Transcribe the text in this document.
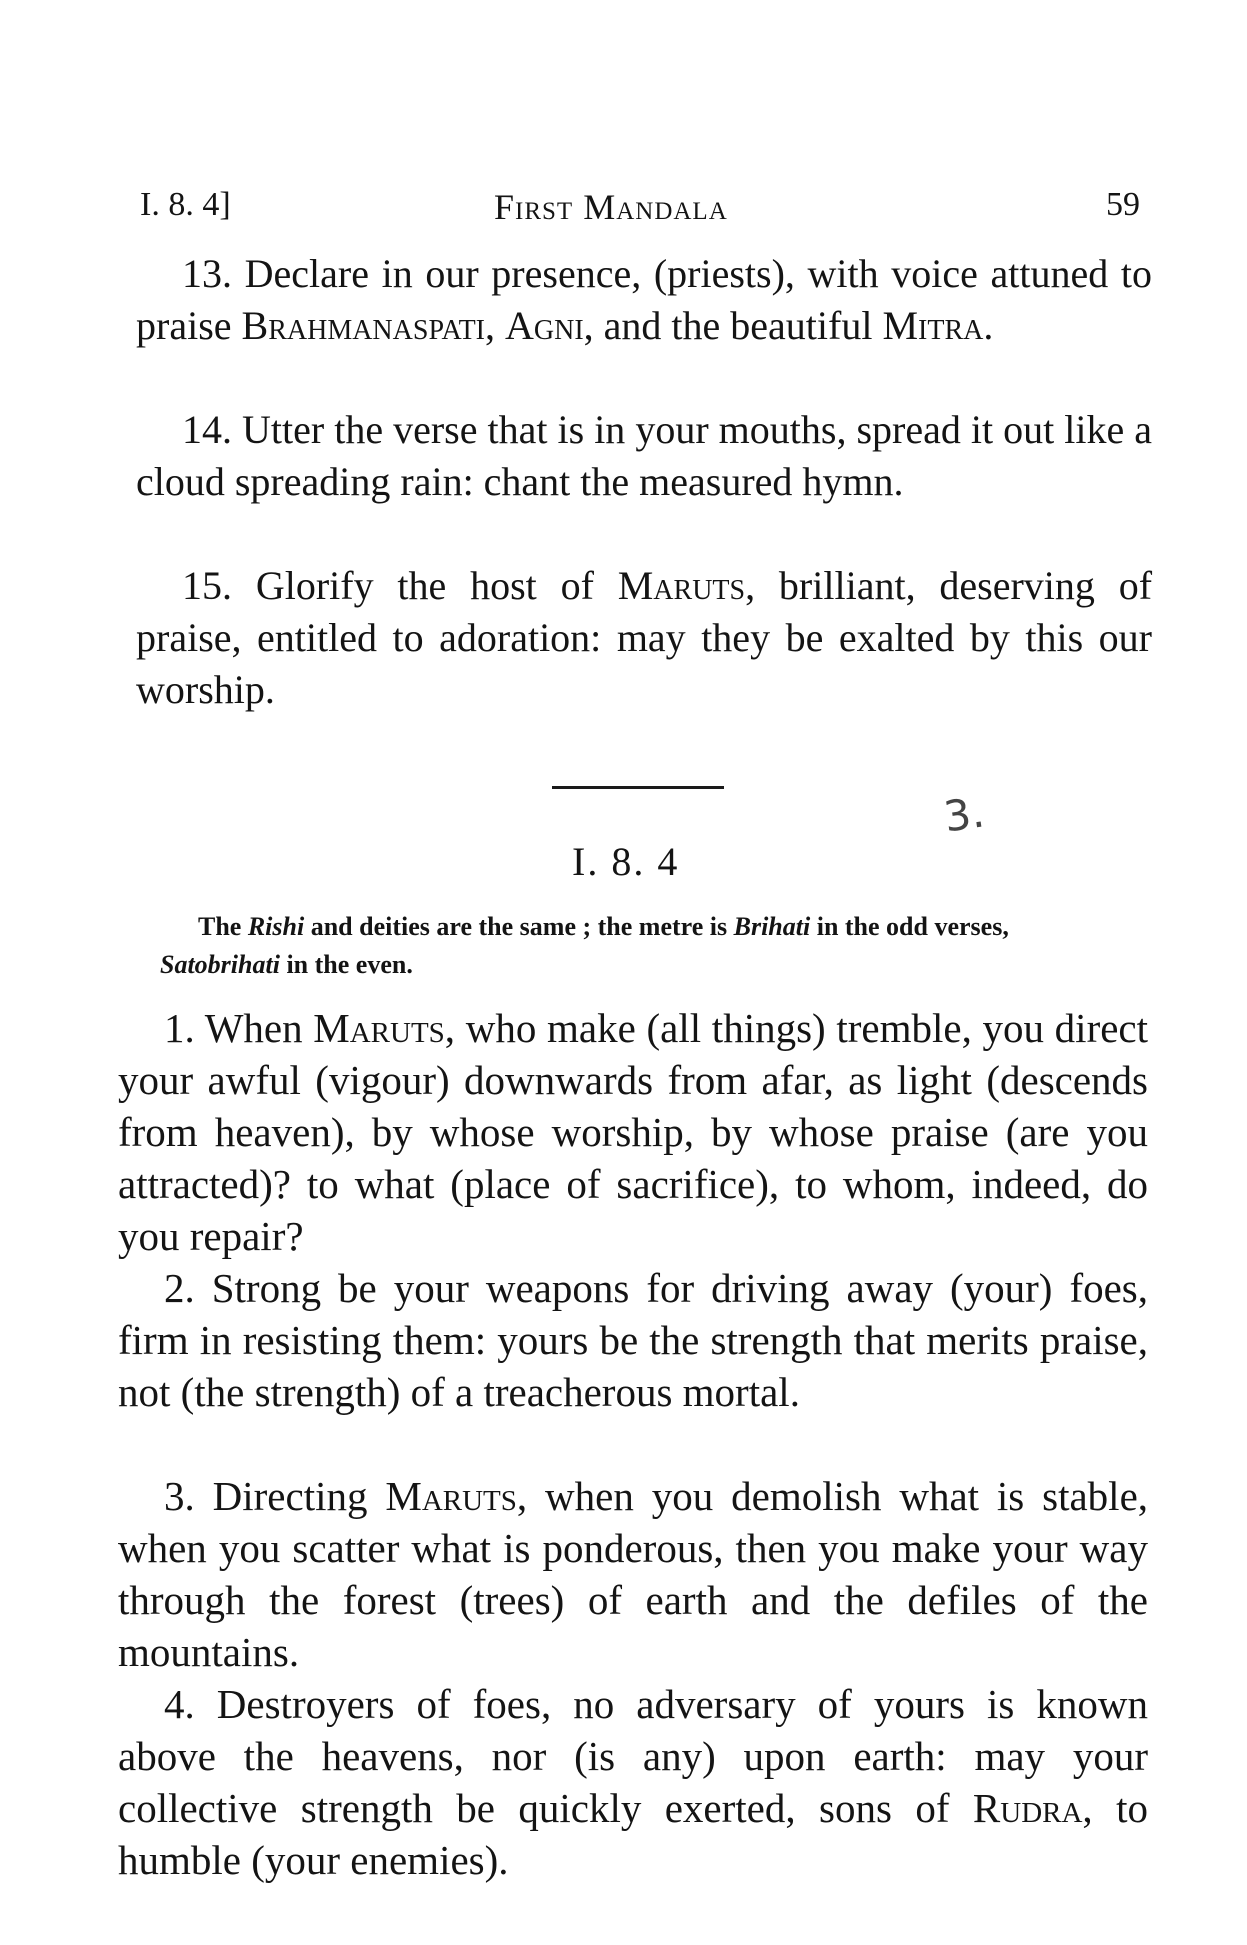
I. 8. 4]	First Mandala	59

13. Declare in our presence, (priests), with voice attuned to praise Brahmanaspati, Agni, and the beautiful Mitra.

14. Utter the verse that is in your mouths, spread it out like a cloud spreading rain: chant the measured hymn.

15. Glorify the host of Maruts, brilliant, deserving of praise, entitled to adoration: may they be exalted by this our worship.

3.
I. 8. 4

The Rishi and deities are the same ; the metre is Brihati in the odd verses, Satobrihati in the even.

1. When Maruts, who make (all things) tremble, you direct your awful (vigour) downwards from afar, as light (descends from heaven), by whose worship, by whose praise (are you attracted)? to what (place of sacrifice), to whom, indeed, do you repair?

2. Strong be your weapons for driving away (your) foes, firm in resisting them: yours be the strength that merits praise, not (the strength) of a treacherous mortal.

3. Directing Maruts, when you demolish what is stable, when you scatter what is ponderous, then you make your way through the forest (trees) of earth and the defiles of the mountains.

4. Destroyers of foes, no adversary of yours is known above the heavens, nor (is any) upon earth: may your collective strength be quickly exerted, sons of Rudra, to humble (your enemies).
